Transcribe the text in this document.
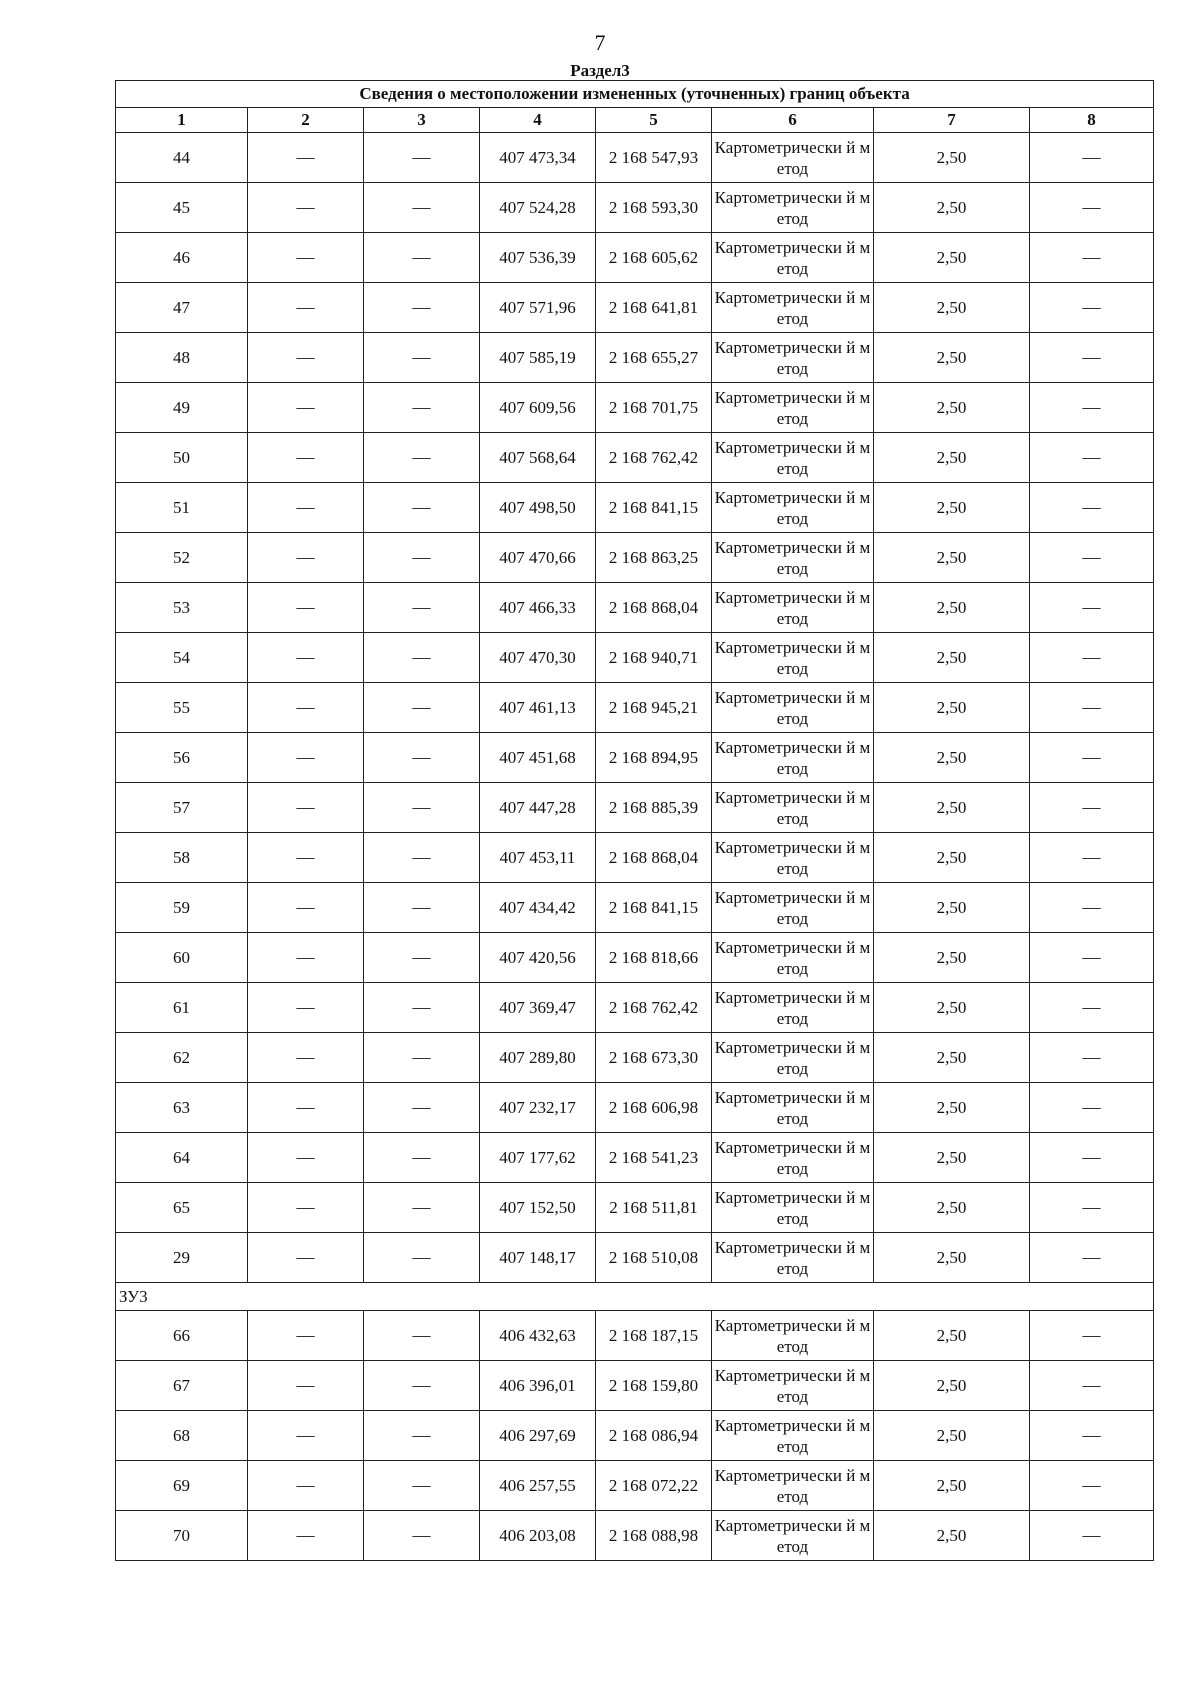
7
Раздел3
Сведения о местоположении измененных (уточненных) границ объекта							
1	2	3	4	5	6	7	8
44	—	—	407 473,34	2 168 547,93	Картометрически й метод	2,50	—
45	—	—	407 524,28	2 168 593,30	Картометрически й метод	2,50	—
46	—	—	407 536,39	2 168 605,62	Картометрически й метод	2,50	—
47	—	—	407 571,96	2 168 641,81	Картометрически й метод	2,50	—
48	—	—	407 585,19	2 168 655,27	Картометрически й метод	2,50	—
49	—	—	407 609,56	2 168 701,75	Картометрически й метод	2,50	—
50	—	—	407 568,64	2 168 762,42	Картометрически й метод	2,50	—
51	—	—	407 498,50	2 168 841,15	Картометрически й метод	2,50	—
52	—	—	407 470,66	2 168 863,25	Картометрически й метод	2,50	—
53	—	—	407 466,33	2 168 868,04	Картометрически й метод	2,50	—
54	—	—	407 470,30	2 168 940,71	Картометрически й метод	2,50	—
55	—	—	407 461,13	2 168 945,21	Картометрически й метод	2,50	—
56	—	—	407 451,68	2 168 894,95	Картометрически й метод	2,50	—
57	—	—	407 447,28	2 168 885,39	Картометрически й метод	2,50	—
58	—	—	407 453,11	2 168 868,04	Картометрически й метод	2,50	—
59	—	—	407 434,42	2 168 841,15	Картометрически й метод	2,50	—
60	—	—	407 420,56	2 168 818,66	Картометрически й метод	2,50	—
61	—	—	407 369,47	2 168 762,42	Картометрически й метод	2,50	—
62	—	—	407 289,80	2 168 673,30	Картометрически й метод	2,50	—
63	—	—	407 232,17	2 168 606,98	Картометрически й метод	2,50	—
64	—	—	407 177,62	2 168 541,23	Картометрически й метод	2,50	—
65	—	—	407 152,50	2 168 511,81	Картометрически й метод	2,50	—
29	—	—	407 148,17	2 168 510,08	Картометрически й метод	2,50	—
ЗУ3							
66	—	—	406 432,63	2 168 187,15	Картометрически й метод	2,50	—
67	—	—	406 396,01	2 168 159,80	Картометрически й метод	2,50	—
68	—	—	406 297,69	2 168 086,94	Картометрически й метод	2,50	—
69	—	—	406 257,55	2 168 072,22	Картометрически й метод	2,50	—
70	—	—	406 203,08	2 168 088,98	Картометрически й метод	2,50	—
